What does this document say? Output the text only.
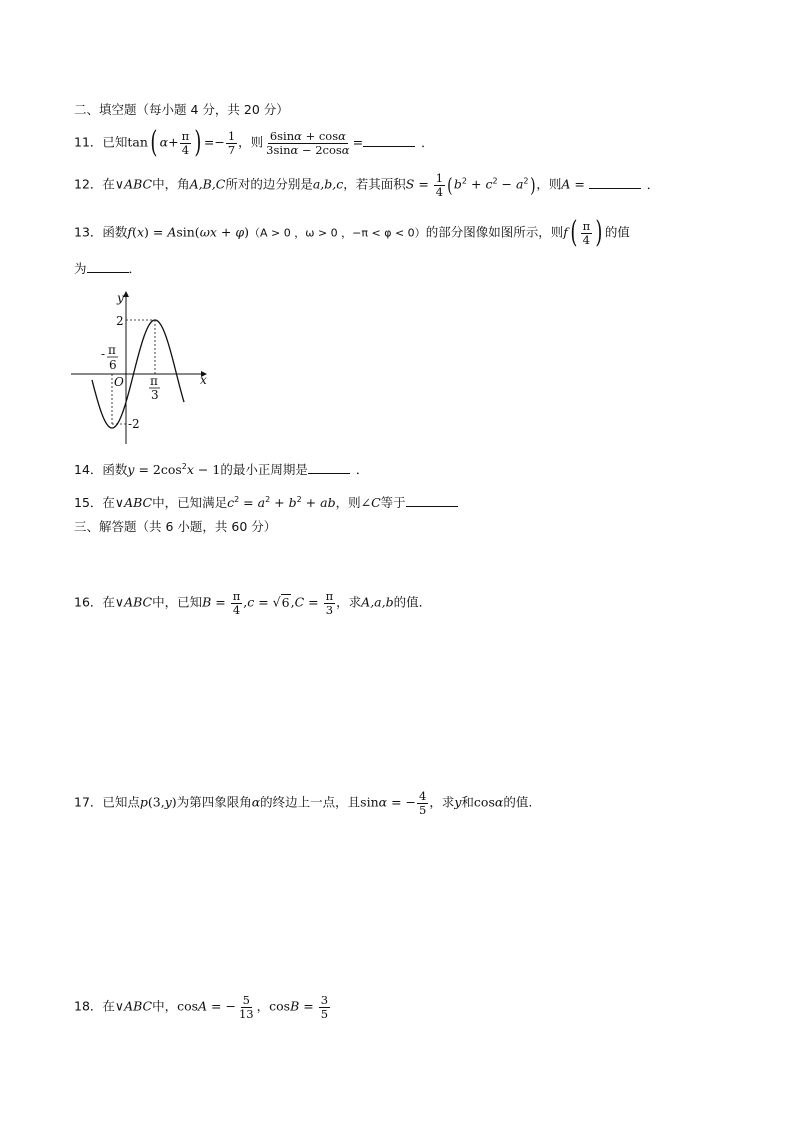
二、填空题（每小题 4 分，共 20 分）
11．已知tan( $\alpha+ \frac{\pi}{4}$ ) =− $\frac{1}{7}$ ，则 $\frac{6\sin\alpha + \cos\alpha}{3\sin\alpha - 2\cos\alpha}$ =	．
12．在∨ABC中，角A,B,C所对的边分别是a,b,c，若其面积$S = \frac{1}{4} (b^2 + c^2 - a^2)$，则A =	．
13．函数f(x) = Asin(ωx + φ)（A > 0 ，ω > 0 ，−π < φ < 0）的部分图像如图所示，则$f( \frac{\pi}{4}$ ) 的值
为	．
y
x
O
2
-2
- π
6
π
3
14．函数$y = 2\cos^2x - 1$的最小正周期是	．
15．在∨ABC中，已知满足$c^2 = a^2 + b^2$ + ab，则∠C等于
三、解答题（共 6 小题，共 60 分）
16．在∨ABC中，已知$B = \frac{\pi}{4} ,c = √6,C = \frac{\pi}{3}$ ，求A,a,b的值．
17．已知点p(3,y)为第四象限角α的终边上一点，且sinα = − $\frac{4}{5}$ ，求y和cosα的值.
18．在∨ABC中，cosA = − $\frac{5}{13}$ ，$\cos B = \frac{3}{5}$
